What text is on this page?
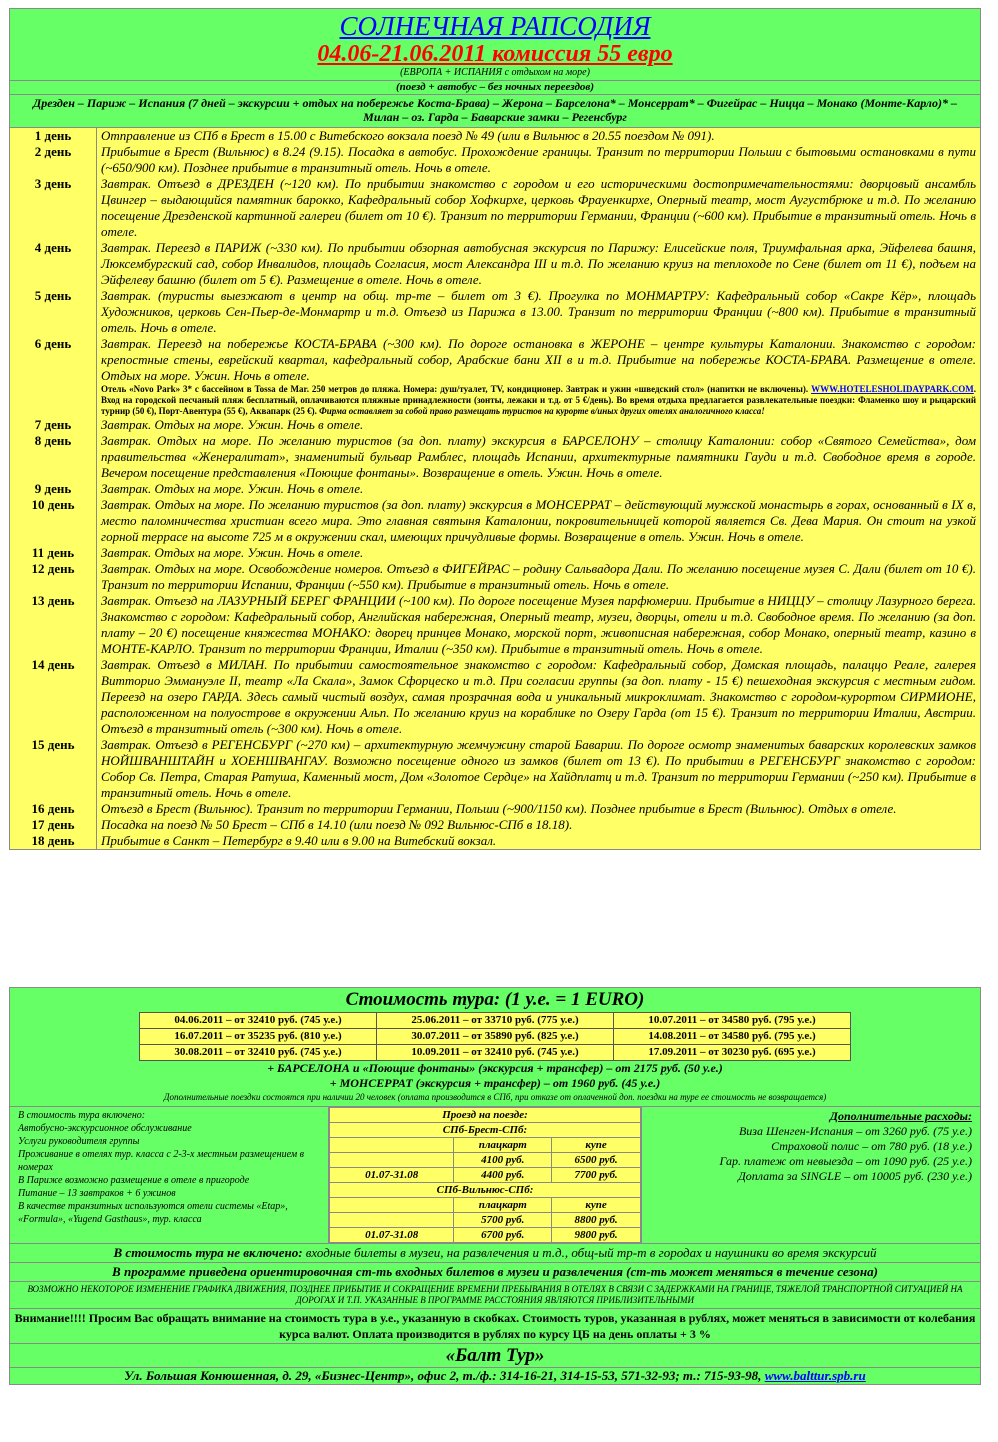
СОЛНЕЧНАЯ РАПСОДИЯ
04.06-21.06.2011 комиссия 55 евро
(ЕВРОПА + ИСПАНИЯ с отдыхом на море)
(поезд + автобус – без ночных переездов)
Дрезден – Париж – Испания (7 дней – экскурсии + отдых на побережье Коста-Брава) – Жерона – Барселона* – Монсеррат* – Фигейрас – Ницца – Монако (Монте-Карло)* – Милан – оз. Гарда – Баварские замки – Регенсбург
1 день	Отправление из СПб в Брест в 15.00 с Витебского вокзала поезд № 49 (или в Вильнюс в 20.55 поездом № 091).
2 день	Прибытие в Брест (Вильнюс) в 8.24 (9.15). Посадка в автобус. Прохождение границы. Транзит по территории Польши с бытовыми остановками в пути (~650/900 км). Позднее прибытие в транзитный отель. Ночь в отеле.
3 день	Завтрак. Отъезд в ДРЕЗДЕН (~120 км). По прибытии знакомство с городом и его историческими достопримечательностями: дворцовый ансамбль Цвингер – выдающийся памятник барокко, Кафедральный собор Хофкирхе, церковь Фрауенкирхе, Оперный театр, мост Аугустбрюке и т.д. По желанию посещение Дрезденской картинной галереи (билет от 10 €). Транзит по территории Германии, Франции (~600 км). Прибытие в транзитный отель. Ночь в отеле.
4 день	Завтрак. Переезд в ПАРИЖ (~330 км). По прибытии обзорная автобусная экскурсия по Парижу: Елисейские поля, Триумфальная арка, Эйфелева башня, Люксембургский сад, собор Инвалидов, площадь Согласия, мост Александра III и т.д. По желанию круиз на теплоходе по Сене (билет от 11 €), подъем на Эйфелеву башню (билет от 5 €). Размещение в отеле. Ночь в отеле.
5 день	Завтрак. (туристы выезжают в центр на общ. тр-те – билет от 3 €). Прогулка по МОНМАРТРУ: Кафедральный собор «Сакре Кёр», площадь Художников, церковь Сен-Пьер-де-Монмартр и т.д. Отъезд из Парижа в 13.00. Транзит по территории Франции (~800 км). Прибытие в транзитный отель. Ночь в отеле.
6 день	Завтрак. Переезд на побережье КОСТА-БРАВА (~300 км). По дороге остановка в ЖЕРОНЕ – центре культуры Каталонии. Знакомство с городом: крепостные стены, еврейский квартал, кафедральный собор, Арабские бани XII в и т.д. Прибытие на побережье КОСТА-БРАВА. Размещение в отеле. Отдых на море. Ужин. Ночь в отеле.
Отель «Novo Park» 3* с бассейном в Tossa de Mar. 250 метров до пляжа. Номера: душ/туалет, TV, кондиционер. Завтрак и ужин «шведский стол» (напитки не включены). WWW.HOTELESHOLIDAYPARK.COM. Вход на городской песчаный пляж бесплатный, оплачиваются пляжные принадлежности (зонты, лежаки и т.д. от 5 €/день). Во время отдыха предлагается развлекательные поездки: Фламенко шоу и рыцарский турнир (50 €), Порт-Авентура (55 €), Аквапарк (25 €). Фирма оставляет за собой право размещать туристов на курорте в/иных других отелях аналогичного класса!

7 день	Завтрак. Отдых на море. Ужин. Ночь в отеле.
8 день	Завтрак. Отдых на море. По желанию туристов (за доп. плату) экскурсия в БАРСЕЛОНУ – столицу Каталонии: собор «Святого Семейства», дом правительства «Женералитат», знаменитый бульвар Рамблес, площадь Испании, архитектурные памятники Гауди и т.д. Свободное время в городе. Вечером посещение представления «Поющие фонтаны». Возвращение в отель. Ужин. Ночь в отеле.
9 день	Завтрак. Отдых на море. Ужин. Ночь в отеле.
10 день	Завтрак. Отдых на море. По желанию туристов (за доп. плату) экскурсия в МОНСЕРРАТ – действующий мужской монастырь в горах, основанный в IX в, место паломничества христиан всего мира. Это главная святыня Каталонии, покровительницей которой является Св. Дева Мария. Он стоит на узкой горной террасе на высоте 725 м в окружении скал, имеющих причудливые формы. Возвращение в отель. Ужин. Ночь в отеле.
11 день	Завтрак. Отдых на море. Ужин. Ночь в отеле.
12 день	Завтрак. Отдых на море. Освобождение номеров. Отъезд в ФИГЕЙРАС – родину Сальвадора Дали. По желанию посещение музея С. Дали (билет от 10 €). Транзит по территории Испании, Франции (~550 км). Прибытие в транзитный отель. Ночь в отеле.
13 день	Завтрак. Отъезд на ЛАЗУРНЫЙ БЕРЕГ ФРАНЦИИ (~100 км). По дороге посещение Музея парфюмерии. Прибытие в НИЦЦУ – столицу Лазурного берега. Знакомство с городом: Кафедральный собор, Английская набережная, Оперный театр, музеи, дворцы, отели и т.д. Свободное время. По желанию (за доп. плату – 20 €) посещение княжества МОНАКО: дворец принцев Монако, морской порт, живописная набережная, собор Монако, оперный театр, казино в МОНТЕ-КАРЛО. Транзит по территории Франции, Италии (~350 км). Прибытие в транзитный отель. Ночь в отеле.
14 день	Завтрак. Отъезд в МИЛАН. По прибытии самостоятельное знакомство с городом: Кафедральный собор, Домская площадь, палаццо Реале, галерея Витторио Эммануэле II, театр «Ла Скала», Замок Сфорцеско и т.д. При согласии группы (за доп. плату - 15 €) пешеходная экскурсия с местным гидом. Переезд на озеро ГАРДА. Здесь самый чистый воздух, самая прозрачная вода и уникальный микроклимат. Знакомство с городом-курортом СИРМИОНЕ, расположенном на полуострове в окружении Альп. По желанию круиз на кораблике по Озеру Гарда (от 15 €). Транзит по территории Италии, Австрии. Отъезд в транзитный отель (~300 км). Ночь в отеле.
15 день	Завтрак. Отъезд в РЕГЕНСБУРГ (~270 км) – архитектурную жемчужину старой Баварии. По дороге осмотр знаменитых баварских королевских замков НОЙШВАНШТАЙН и ХОЕНШВАНГАУ. Возможно посещение одного из замков (билет от 13 €). По прибытии в РЕГЕНСБУРГ знакомство с городом: Собор Св. Петра, Старая Ратуша, Каменный мост, Дом «Золотое Сердце» на Хайдплатц и т.д. Транзит по территории Германии (~250 км). Прибытие в транзитный отель. Ночь в отеле.
16 день	Отъезд в Брест (Вильнюс). Транзит по территории Германии, Польши (~900/1150 км). Позднее прибытие в Брест (Вильнюс). Отдых в отеле.
17 день	Посадка на поезд № 50 Брест – СПб в 14.10 (или поезд № 092 Вильнюс-СПб в 18.18).
18 день	Прибытие в Санкт – Петербург в 9.40 или в 9.00 на Витебский вокзал.
Стоимость тура: (1 у.е. = 1 EURO)
04.06.2011 – от 32410 руб. (745 у.е.)	25.06.2011 – от 33710 руб. (775 у.е.)	10.07.2011 – от 34580 руб. (795 у.е.)
16.07.2011 – от 35235 руб. (810 у.е.)	30.07.2011 – от 35890 руб. (825 у.е.)	14.08.2011 – от 34580 руб. (795 у.е.)
30.08.2011 – от 32410 руб. (745 у.е.)	10.09.2011 – от 32410 руб. (745 у.е.)	17.09.2011 – от 30230 руб. (695 у.е.)
+ БАРСЕЛОНА и «Поющие фонтаны» (экскурсия + трансфер) – от 2175 руб. (50 у.е.)
+ МОНСЕРРАТ (экскурсия + трансфер) – от 1960 руб. (45 у.е.)
Дополнительные поездки состоятся при наличии 20 человек (оплата производится в СПб, при отказе от оплаченной доп. поездки на туре ее стоимость не возвращается)
В стоимость тура включено:
Автобусно-экскурсионное обслуживание
Услуги руководителя группы
Проживание в отелях тур. класса с 2-3-х местным размещением в номерах
В Париже возможно размещение в отеле в пригороде
Питание – 13 завтраков + 6 ужинов
В качестве транзитных используются отели системы «Etap», «Formula», «Yugend Gasthaus», тур. класса
Проезд на поезде:		
СПб-Брест-СПб:		
	плацкарт	купе
	4100 руб.	6500 руб.
01.07-31.08	4400 руб.	7700 руб.
СПб-Вильнюс-СПб:		
	плацкарт	купе
	5700 руб.	8800 руб.
01.07-31.08	6700 руб.	9800 руб.
Дополнительные расходы:
Виза Шенген-Испания – от 3260 руб. (75 у.е.)
Страховой полис – от 780 руб. (18 у.е.)
Гар. платеж от невыезда – от 1090 руб. (25 у.е.)
Доплата за SINGLE – от 10005 руб. (230 у.е.)
В стоимость тура не включено: входные билеты в музеи, на развлечения и т.д., общ-ый тр-т в городах и наушники во время экскурсий
В программе приведена ориентировочная ст-ть входных билетов в музеи и развлечения (ст-ть может меняться в течение сезона)
ВОЗМОЖНО НЕКОТОРОЕ ИЗМЕНЕНИЕ ГРАФИКА ДВИЖЕНИЯ, ПОЗДНЕЕ ПРИБЫТИЕ И СОКРАЩЕНИЕ ВРЕМЕНИ ПРЕБЫВАНИЯ В ОТЕЛЯХ В СВЯЗИ С ЗАДЕРЖКАМИ НА ГРАНИЦЕ, ТЯЖЕЛОЙ ТРАНСПОРТНОЙ СИТУАЦИЕЙ НА ДОРОГАХ И Т.П. УКАЗАННЫЕ В ПРОГРАММЕ РАССТОЯНИЯ ЯВЛЯЮТСЯ ПРИБЛИЗИТЕЛЬНЫМИ
Внимание!!!! Просим Вас обращать внимание на стоимость тура в у.е., указанную в скобках. Стоимость туров, указанная в рублях, может меняться в зависимости от колебания курса валют. Оплата производится в рублях по курсу ЦБ на день оплаты + 3 %
«Балт Тур»
Ул. Большая Конюшенная, д. 29, «Бизнес-Центр», офис 2, т./ф.: 314-16-21, 314-15-53, 571-32-93; т.: 715-93-98, www.balttur.spb.ru
